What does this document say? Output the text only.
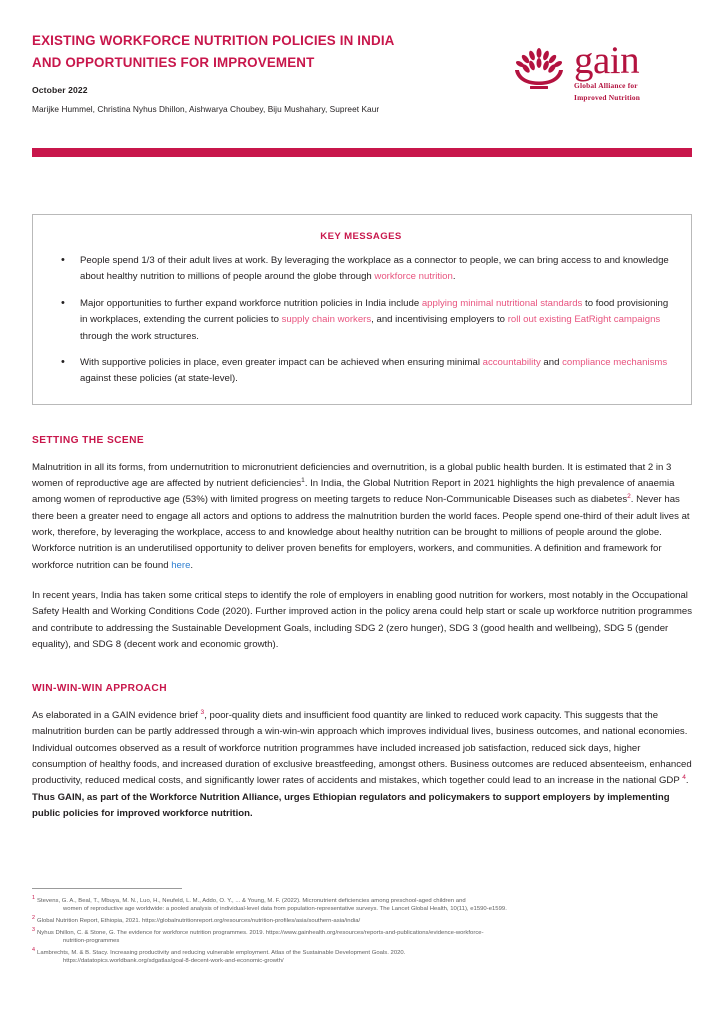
EXISTING WORKFORCE NUTRITION POLICIES IN INDIA
AND OPPORTUNITIES FOR IMPROVEMENT
October 2022
Marijke Hummel, Christina Nyhus Dhillon, Aishwarya Choubey, Biju Mushahary, Supreet Kaur
gain
Global Alliance for
Improved Nutrition
KEY MESSAGES
• People spend 1/3 of their adult lives at work. By leveraging the workplace as a connector to people, we can bring access to and knowledge about healthy nutrition to millions of people around the globe through workforce nutrition.
• Major opportunities to further expand workforce nutrition policies in India include applying minimal nutritional standards to food provisioning in workplaces, extending the current policies to supply chain workers, and incentivising employers to roll out existing EatRight campaigns through the work structures.
• With supportive policies in place, even greater impact can be achieved when ensuring minimal accountability and compliance mechanisms against these policies (at state-level).
SETTING THE SCENE

Malnutrition in all its forms, from undernutrition to micronutrient deficiencies and overnutrition, is a global public health burden. It is estimated that 2 in 3 women of reproductive age are affected by nutrient deficiencies$^1$. In India, the Global Nutrition Report in 2021 highlights the high prevalence of anaemia among women of reproductive age (53%) with limited progress on meeting targets to reduce Non-Communicable Diseases such as diabetes$^2$. Never has there been a greater need to engage all actors and options to address the malnutrition burden the world faces. People spend one-third of their adult lives at work, therefore, by leveraging the workplace, access to and knowledge about healthy nutrition can be brought to millions of people around the globe. Workforce nutrition is an underutilised opportunity to deliver proven benefits for employers, workers, and communities. A definition and framework for workforce nutrition can be found here.

In recent years, India has taken some critical steps to identify the role of employers in enabling good nutrition for workers, most notably in the Occupational Safety Health and Working Conditions Code (2020). Further improved action in the policy arena could help start or scale up workforce nutrition programmes and contribute to addressing the Sustainable Development Goals, including SDG 2 (zero hunger), SDG 3 (good health and wellbeing), SDG 5 (gender equality), and SDG 8 (decent work and economic growth).

WIN-WIN-WIN APPROACH

As elaborated in a GAIN evidence brief $^3$, poor-quality diets and insufficient food quantity are linked to reduced work capacity. This suggests that the malnutrition burden can be partly addressed through a win-win-win approach which improves individual lives, business outcomes, and national economies. Individual outcomes observed as a result of workforce nutrition programmes have included increased job satisfaction, reduced sick days, higher consumption of healthy foods, and increased duration of exclusive breastfeeding, amongst others. Business outcomes are reduced absenteeism, enhanced productivity, reduced medical costs, and significantly lower rates of accidents and mistakes, which together could lead to an increase in the national GDP $^4$. Thus GAIN, as part of the Workforce Nutrition Alliance, urges Ethiopian regulators and policymakers to support employers by implementing public policies for improved workforce nutrition.

$^1$ Stevens, G. A., Beal, T., Mbuya, M. N., Luo, H., Neufeld, L. M., Addo, O. Y., ... & Young, M. F. (2022). Micronutrient deficiencies among preschool-aged children and
women of reproductive age worldwide: a pooled analysis of individual-level data from population-representative surveys. The Lancet Global Health, 10(11), e1590-e1599.
$^2$ Global Nutrition Report, Ethiopia, 2021. https://globalnutritionreport.org/resources/nutrition-profiles/asia/southern-asia/india/
$^3$ Nyhus Dhillon, C. & Stone, G. The evidence for workforce nutrition programmes. 2019. https://www.gainhealth.org/resources/reports-and-publications/evidence-workforce-
nutrition-programmes
$^4$ Lambrechts, M. & B. Stacy. Increasing productivity and reducing vulnerable employment. Atlas of the Sustainable Development Goals. 2020.
https://datatopics.worldbank.org/sdgatlas/goal-8-decent-work-and-economic-growth/
